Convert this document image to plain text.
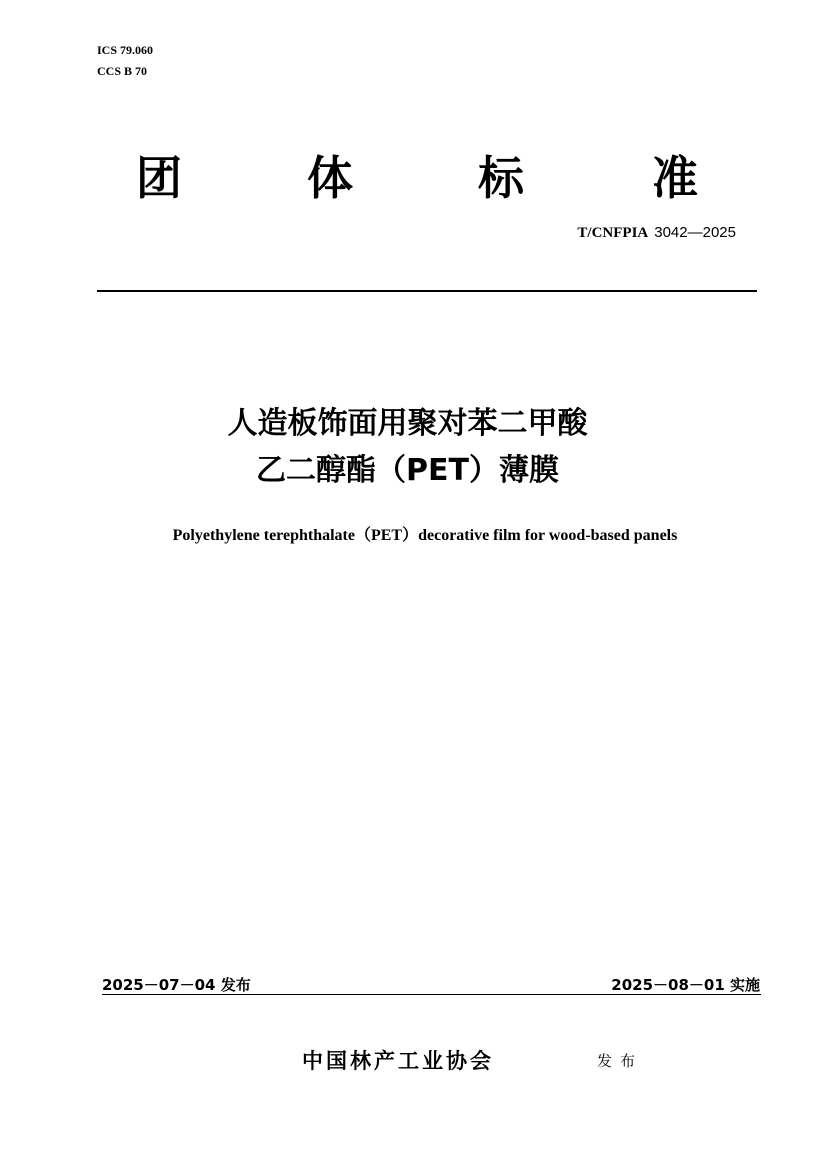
ICS 79.060
CCS B 70
团	体	标	准
T/CNFPIA 3042—2025
人造板饰面用聚对苯二甲酸
乙二醇酯（PET）薄膜
Polyethylene terephthalate（PET）decorative film for wood-based panels
2025－07－04 发布	2025－08－01 实施
中国林产工业协会	发布
